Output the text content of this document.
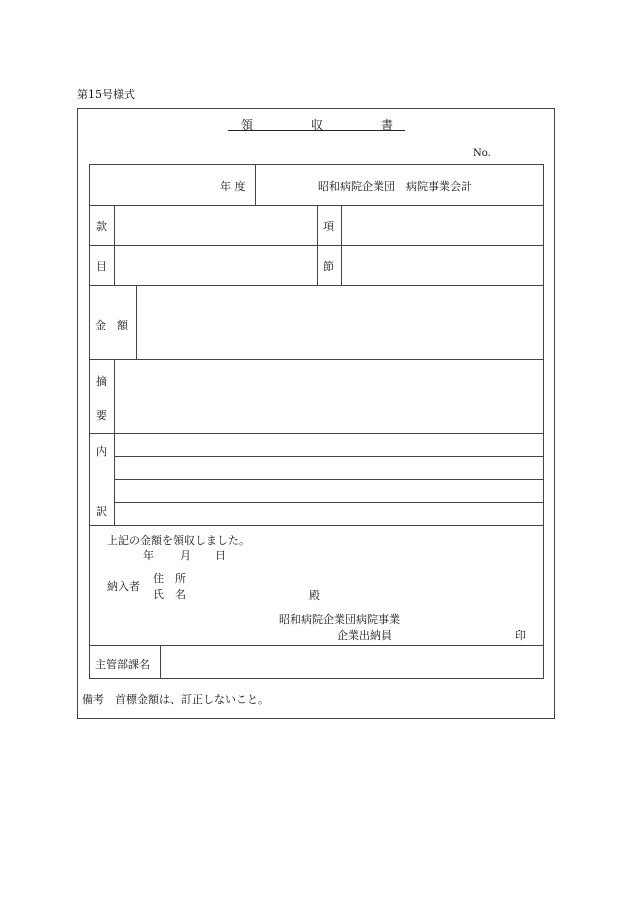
第15号様式
領	収	書
No.
年 度	昭和病院企業団　病院事業会計
款	項
目	節
金　額
摘
要
内
訳
上記の金額を領収しました。
年 月 日
納入者
住　所
氏　名	殿
昭和病院企業団病院事業
企業出納員	印
主管部課名
備考　首標金額は、訂正しないこと。
